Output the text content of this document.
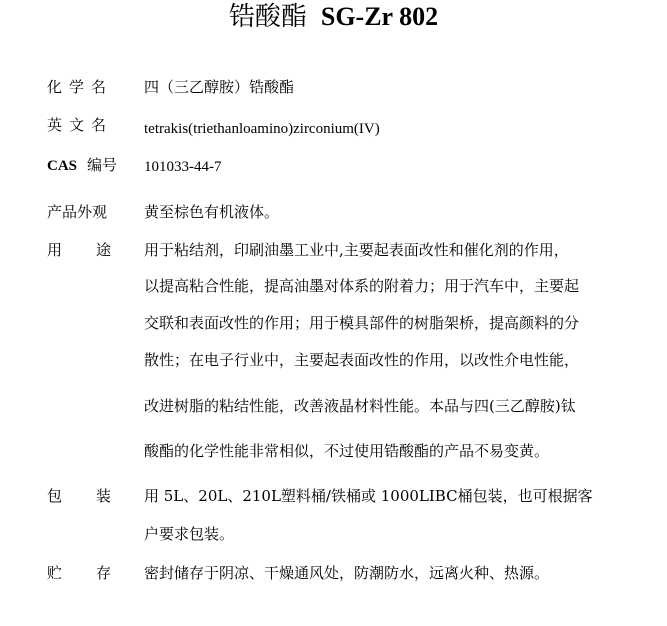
锆酸酯 SG-Zr 802
化学名 四（三乙醇胺）锆酸酯
英文名 tetrakis(triethanloamino)zirconium(IV)
CAS 编号 101033-44-7
产品外观 黄至棕色有机液体。
用 途 用于粘结剂，印刷油墨工业中,主要起表面改性和催化剂的作用，
以提高粘合性能，提高油墨对体系的附着力；用于汽车中，主要起
交联和表面改性的作用；用于模具部件的树脂架桥，提高颜料的分
散性；在电子行业中，主要起表面改性的作用，以改性介电性能，
改进树脂的粘结性能，改善液晶材料性能。本品与四(三乙醇胺)钛
酸酯的化学性能非常相似，不过使用锆酸酯的产品不易变黄。
包 装 用 5L、20L、210L塑料桶/铁桶或 1000LIBC桶包装，也可根据客
户要求包装。
贮 存 密封储存于阴凉、干燥通风处，防潮防水，远离火种、热源。
